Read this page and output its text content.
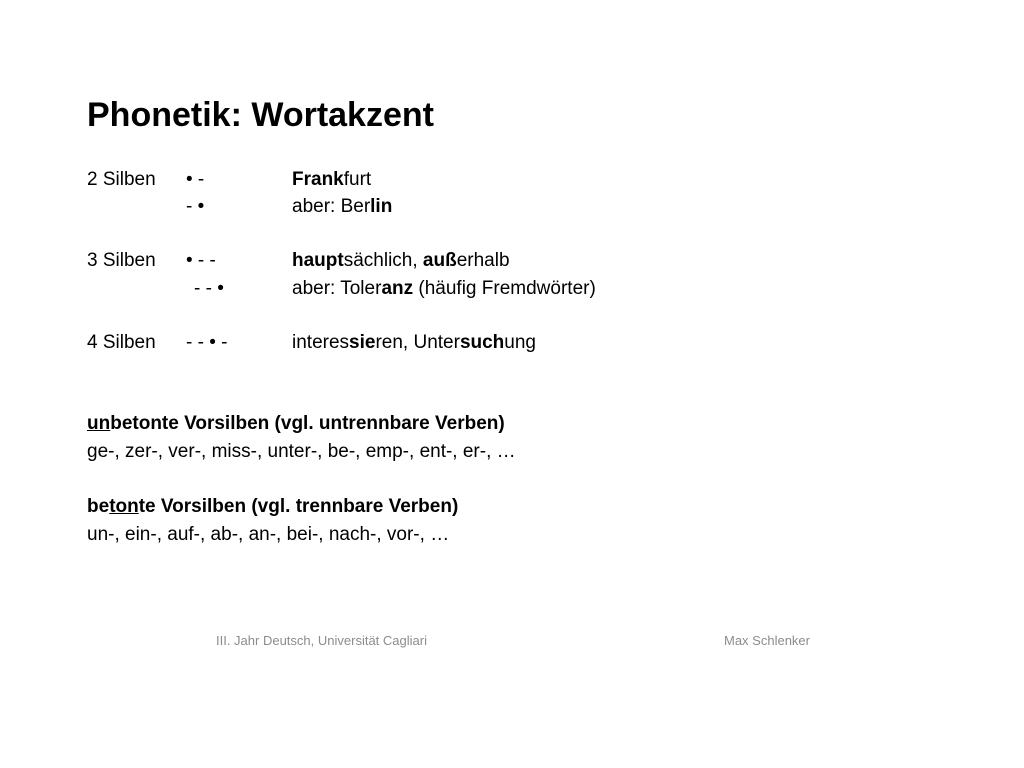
Phonetik: Wortakzent
2 Silben • -	Frankfurt
- •	aber: Berlin
3 Silben • - -	hauptsächlich, außerhalb
- - •	aber: Toleranz (häufig Fremdwörter)
4 Silben - - • -	interessieren, Untersuchung
unbetonte Vorsilben (vgl. untrennbare Verben)
ge-, zer-, ver-, miss-, unter-, be-, emp-, ent-, er-, …
betonte Vorsilben (vgl. trennbare Verben)
un-, ein-, auf-, ab-, an-, bei-, nach-, vor-, …
III. Jahr Deutsch, Universität Cagliari	Max Schlenker
